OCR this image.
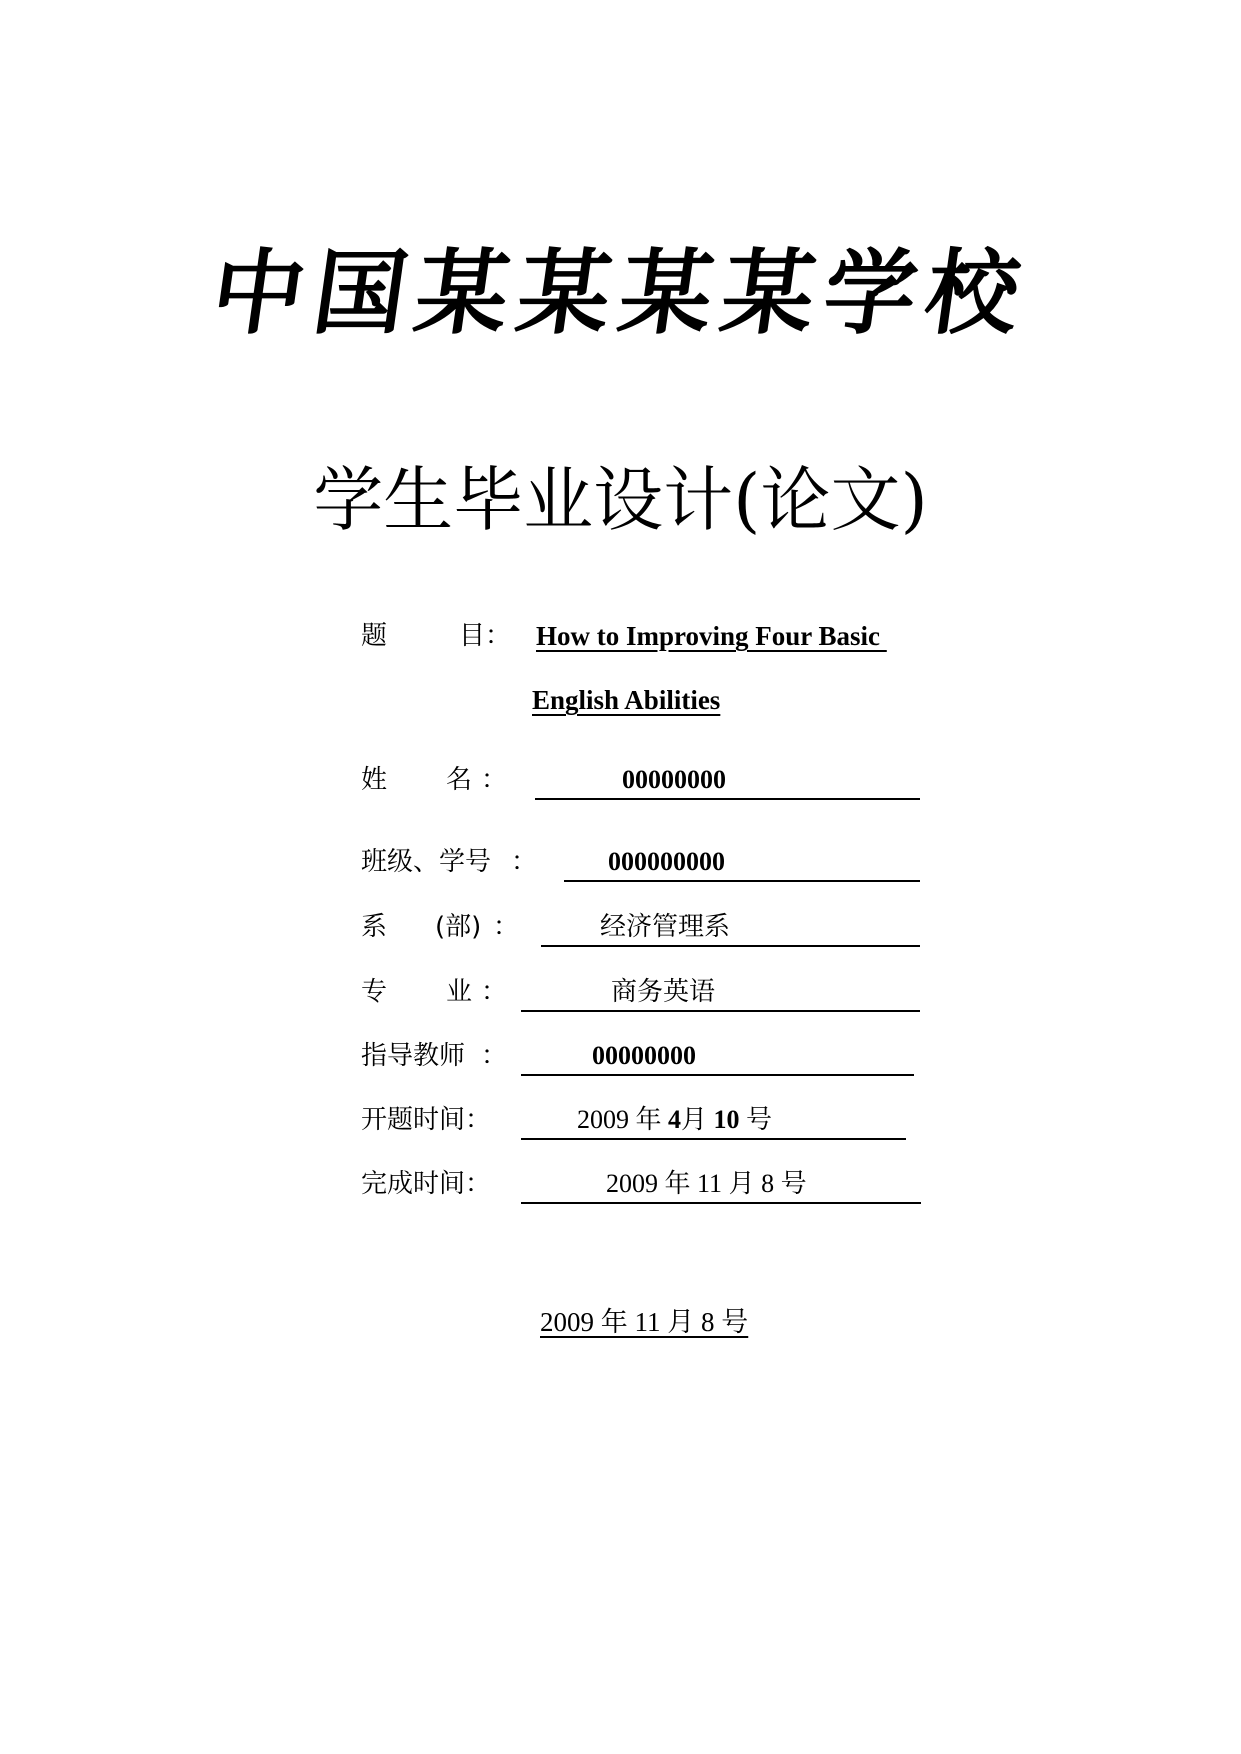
中国某某某某学校
学生毕业设计(论文)
题	目： How to Improving Four Basic
English Abilities
姓 名 ：	00000000
班级、学号 ：	000000000
系 (部) ：	经济管理系
专 业 ：	商务英语
指导教师 ：	00000000
开题时间：	2009 年 4月 10 号
完成时间：	2009 年 11 月 8 号
2009 年 11 月 8 号
